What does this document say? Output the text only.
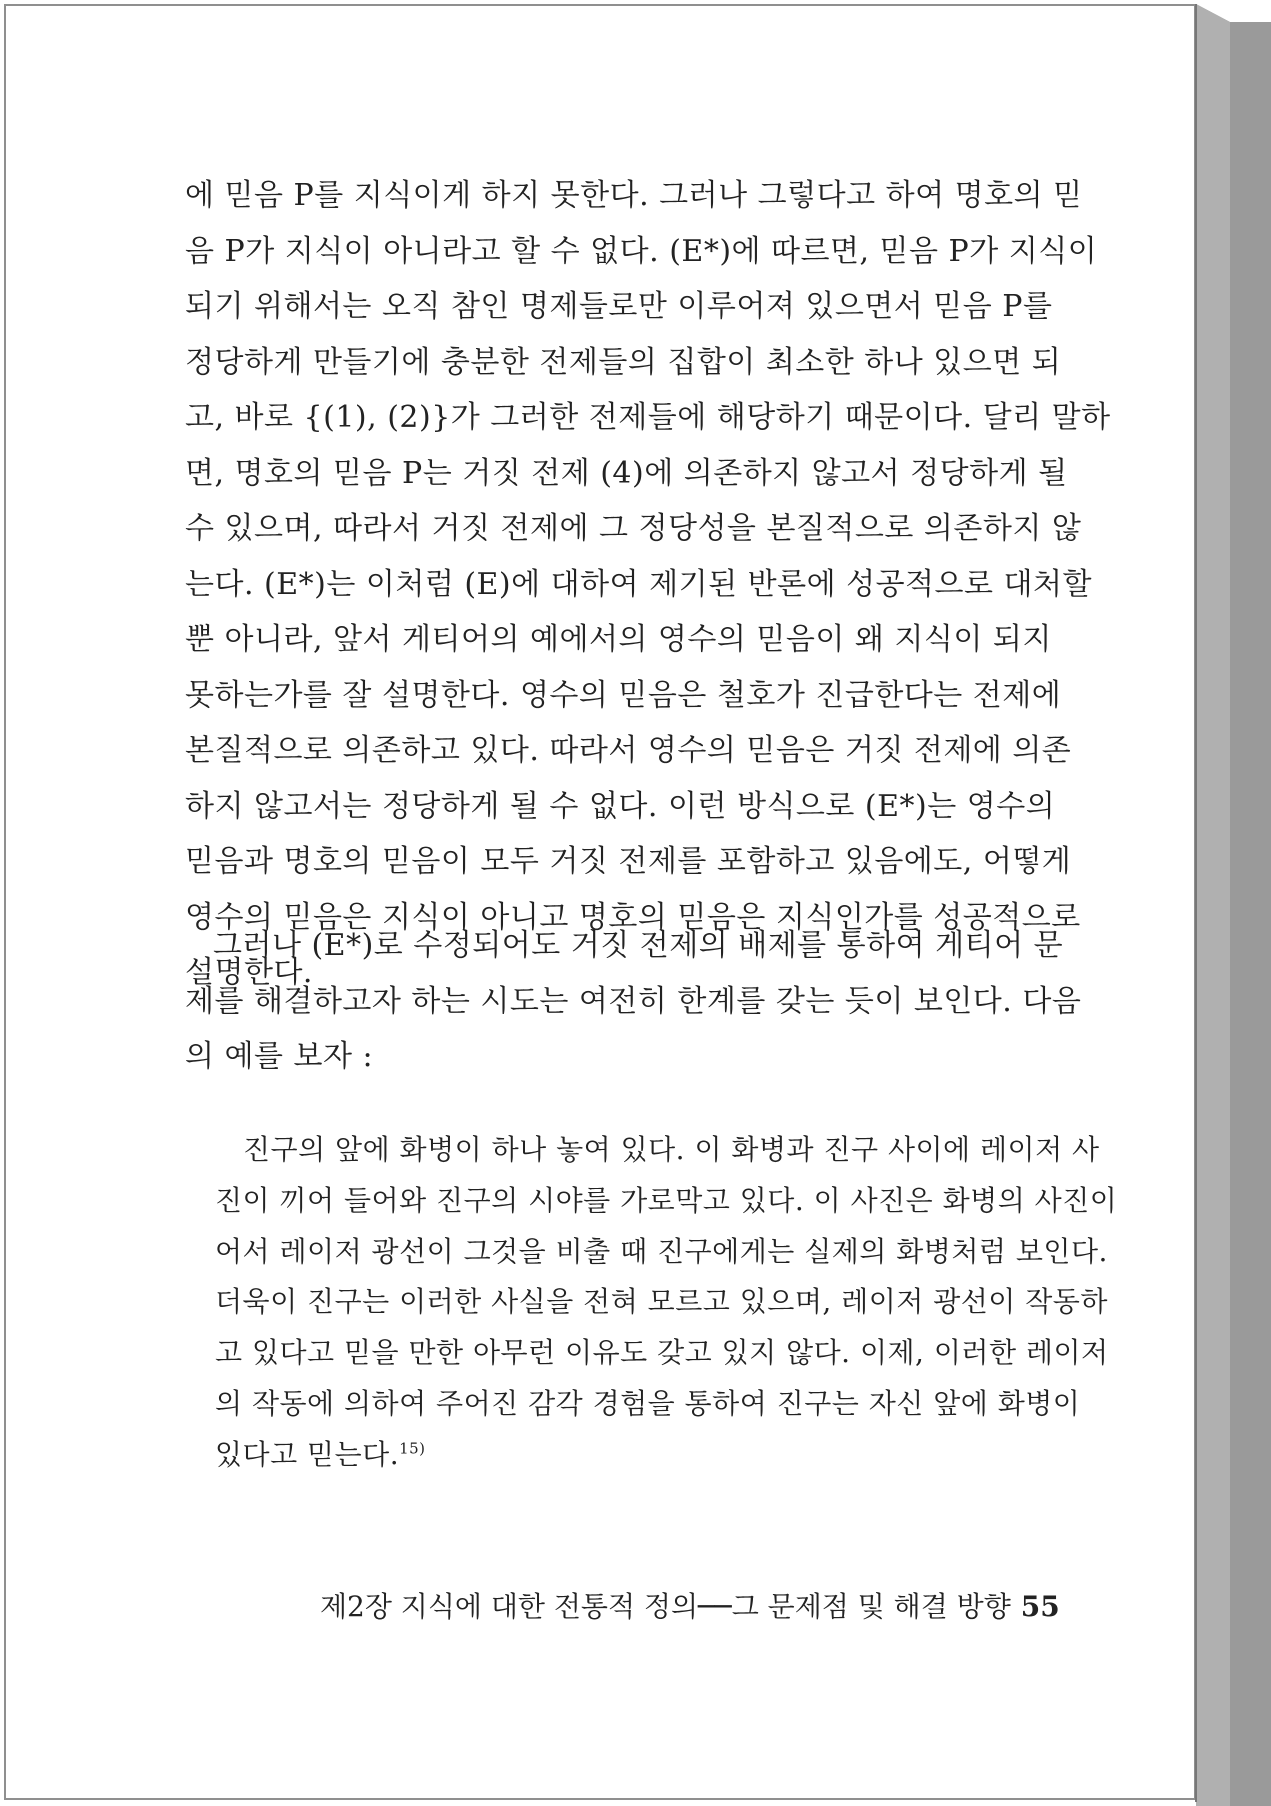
에 믿음 P를 지식이게 하지 못한다. 그러나 그렇다고 하여 명호의 믿
음 P가 지식이 아니라고 할 수 없다. (E*)에 따르면, 믿음 P가 지식이
되기 위해서는 오직 참인 명제들로만 이루어져 있으면서 믿음 P를
정당하게 만들기에 충분한 전제들의 집합이 최소한 하나 있으면 되
고, 바로 {(1), (2)}가 그러한 전제들에 해당하기 때문이다. 달리 말하
면, 명호의 믿음 P는 거짓 전제 (4)에 의존하지 않고서 정당하게 될
수 있으며, 따라서 거짓 전제에 그 정당성을 본질적으로 의존하지 않
는다. (E*)는 이처럼 (E)에 대하여 제기된 반론에 성공적으로 대처할
뿐 아니라, 앞서 게티어의 예에서의 영수의 믿음이 왜 지식이 되지
못하는가를 잘 설명한다. 영수의 믿음은 철호가 진급한다는 전제에
본질적으로 의존하고 있다. 따라서 영수의 믿음은 거짓 전제에 의존
하지 않고서는 정당하게 될 수 없다. 이런 방식으로 (E*)는 영수의
믿음과 명호의 믿음이 모두 거짓 전제를 포함하고 있음에도, 어떻게
영수의 믿음은 지식이 아니고 명호의 믿음은 지식인가를 성공적으로
설명한다.
그러나 (E*)로 수정되어도 거짓 전제의 배제를 통하여 게티어 문
제를 해결하고자 하는 시도는 여전히 한계를 갖는 듯이 보인다. 다음
의 예를 보자 :
진구의 앞에 화병이 하나 놓여 있다. 이 화병과 진구 사이에 레이저 사
진이 끼어 들어와 진구의 시야를 가로막고 있다. 이 사진은 화병의 사진이
어서 레이저 광선이 그것을 비출 때 진구에게는 실제의 화병처럼 보인다.
더욱이 진구는 이러한 사실을 전혀 모르고 있으며, 레이저 광선이 작동하
고 있다고 믿을 만한 아무런 이유도 갖고 있지 않다. 이제, 이러한 레이저
의 작동에 의하여 주어진 감각 경험을 통하여 진구는 자신 앞에 화병이
있다고 믿는다.$^{15)}$
제2장 지식에 대한 전통적 정의──그 문제점 및 해결 방향 55
